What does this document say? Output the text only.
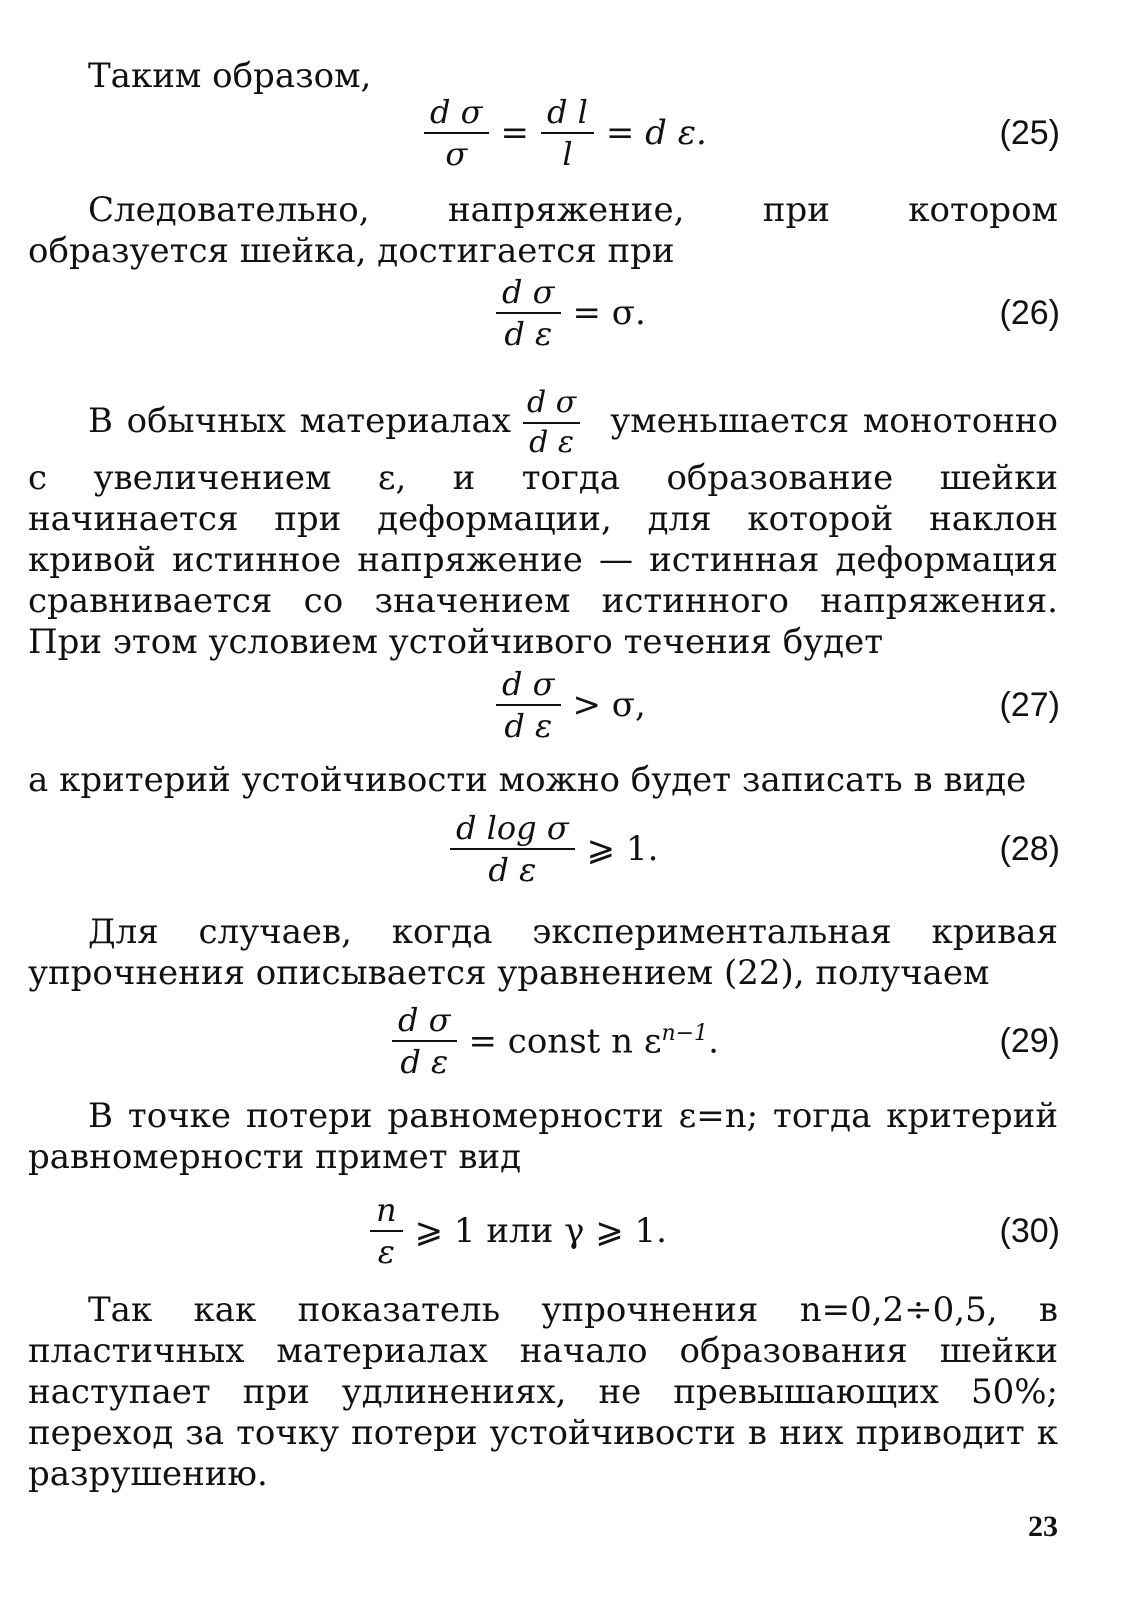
Таким образом,

$\frac{\text{d σ}}{\sigma} = \frac{\text{d l}}{l} = d$ ε.	(25)

Следовательно, напряжение, при котором образуется шейка, достигается при

$\frac{\text{d σ}}{\text{d ε}} = \sigma$.	(26)

В обычных материалах $\frac{\text{d σ}}{\text{d ε}}$ уменьшается монотонно с увеличением ε, и тогда образование шейки начинается при деформации, для которой наклон кривой истинное напряжение — истинная деформация сравнивается со значением истинного напряжения. При этом условием устойчивого течения будет

$\frac{\text{d σ}}{\text{d ε}} > \sigma$,	(27)

а критерий устойчивости можно будет записать в виде

$\frac{\text{d log σ}}{\text{d ε}}$ ⩾ 1.	(28)

Для случаев, когда экспериментальная кривая упрочнения описывается уравнением (22), получаем

$\frac{\text{d σ}}{\text{d ε}}$ = const n $\varepsilon^{n-1}$.	(29)

В точке потери равномерности ε=n; тогда критерий равномерности примет вид

$\frac{n}{\varepsilon}$ ⩾ 1 или γ ⩾ 1.	(30)

Так как показатель упрочнения n=0,2÷0,5, в пластичных материалах начало образования шейки наступает при удлинениях, не превышающих 50%; переход за точку потери устойчивости в них приводит к разрушению.

23
